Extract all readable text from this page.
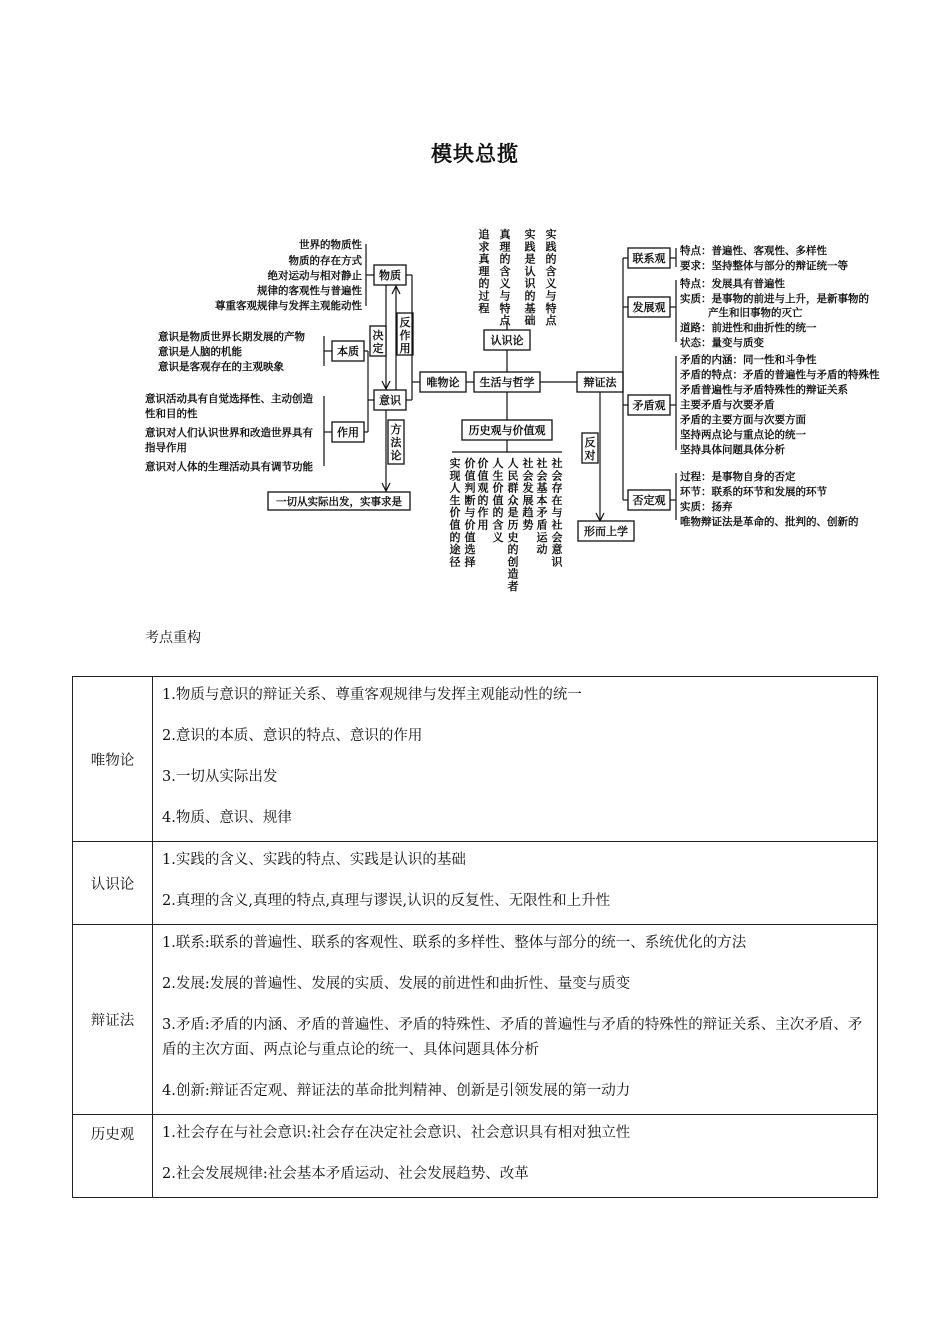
模块总揽
世界的物质性
物质的存在方式
绝对运动与相对静止
规律的客观性与普遍性
尊重客观规律与发挥主观能动性
物质
意识是物质世界长期发展的产物
意识是人脑的机能
意识是客观存在的主观映象
本质
意识活动具有自觉选择性、主动创造
性和目的性
意识对人们认识世界和改造世界具有
指导作用
意识对人体的生理活动具有调节功能
作用
意识
决
定
反
作
用
方
法
论
一切从实际出发，实事求是
唯物论 生活与哲学
实践的含义与特点
实践是认识的基础
真理的含义与特点
追求真理的过程
认识论
历史观与价值观
社会存在与社会意识
社会基本矛盾运动
社会发展趋势
人民群众是历史的创造者
人生价值的含义
价值观的作用
价值判断与价值选择
实现人生价值的途径
辩证法
反
对
形而上学
联系观
特点：普遍性、客观性、多样性
要求：坚持整体与部分的辩证统一等
发展观
特点：发展具有普遍性
实质：是事物的前进与上升，是新事物的
产生和旧事物的灭亡
道路：前进性和曲折性的统一
状态：量变与质变
矛盾观
矛盾的内涵：同一性和斗争性
矛盾的特点：矛盾的普遍性与矛盾的特殊性
矛盾普遍性与矛盾特殊性的辩证关系
主要矛盾与次要矛盾
矛盾的主要方面与次要方面
坚持两点论与重点论的统一
坚持具体问题具体分析
否定观
过程：是事物自身的否定
环节：联系的环节和发展的环节
实质：扬弃
唯物辩证法是革命的、批判的、创新的
考点重构
唯物论	1.物质与意识的辩证关系、尊重客观规律与发挥主观能动性的统一
2.意识的本质、意识的特点、意识的作用
3.一切从实际出发
4.物质、意识、规律

认识论	1.实践的含义、实践的特点、实践是认识的基础
2.真理的含义,真理的特点,真理与谬误,认识的反复性、无限性和上升性

辩证法	1.联系:联系的普遍性、联系的客观性、联系的多样性、整体与部分的统一、系统优化的方法
2.发展:发展的普遍性、发展的实质、发展的前进性和曲折性、量变与质变
3.矛盾:矛盾的内涵、矛盾的普遍性、矛盾的特殊性、矛盾的普遍性与矛盾的特殊性的辩证关系、主次矛盾、矛盾的主次方面、两点论与重点论的统一、具体问题具体分析
4.创新:辩证否定观、辩证法的革命批判精神、创新是引领发展的第一动力

历史观	1.社会存在与社会意识:社会存在决定社会意识、社会意识具有相对独立性
2.社会发展规律:社会基本矛盾运动、社会发展趋势、改革
